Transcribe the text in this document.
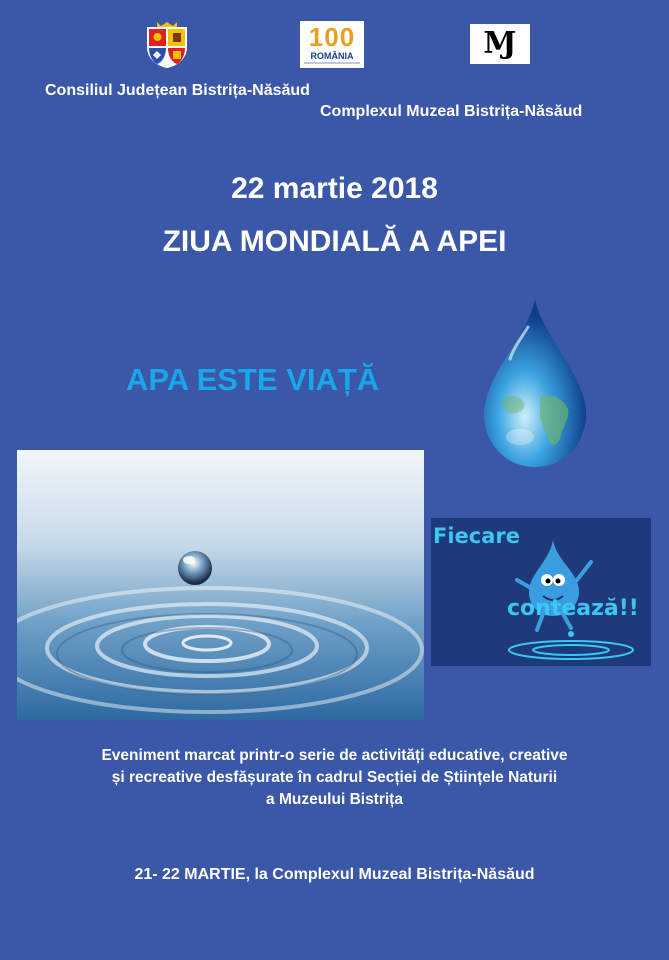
100
ROMÂNIA	Ɱ
Consiliul Județean Bistrița-Năsăud
Complexul Muzeal Bistrița-Năsăud
22 martie 2018
ZIUA MONDIALĂ A APEI
APA ESTE VIAȚĂ
Fiecare
contează!!
Eveniment marcat printr-o serie de activități educative, creative
și recreative desfășurate în cadrul Secției de Științele Naturii
a Muzeului Bistrița
21- 22 MARTIE, la Complexul Muzeal Bistrița-Năsăud
